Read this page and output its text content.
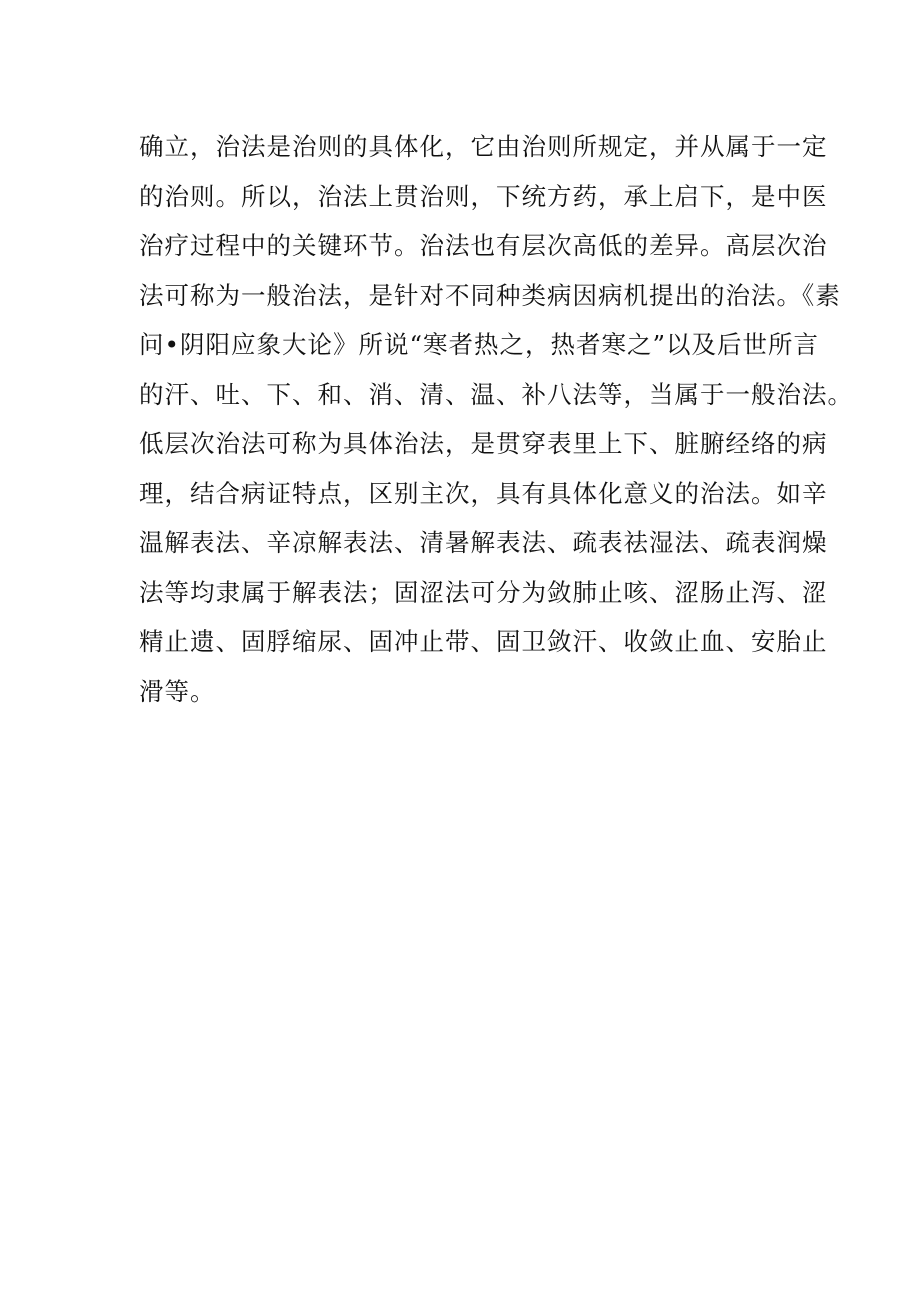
确立，治法是治则的具体化，它由治则所规定，并从属于一定
的治则。所以，治法上贯治则，下统方药，承上启下，是中医
治疗过程中的关键环节。治法也有层次高低的差异。高层次治
法可称为一般治法，是针对不同种类病因病机提出的治法。《素
问•阴阳应象大论》所说“寒者热之，热者寒之”以及后世所言
的汗、吐、下、和、消、清、温、补八法等，当属于一般治法。
低层次治法可称为具体治法，是贯穿表里上下、脏腑经络的病
理，结合病证特点，区别主次，具有具体化意义的治法。如辛
温解表法、辛凉解表法、清暑解表法、疏表祛湿法、疏表润燥
法等均隶属于解表法；固涩法可分为敛肺止咳、涩肠止泻、涩
精止遗、固脬缩尿、固冲止带、固卫敛汗、收敛止血、安胎止
滑等。
